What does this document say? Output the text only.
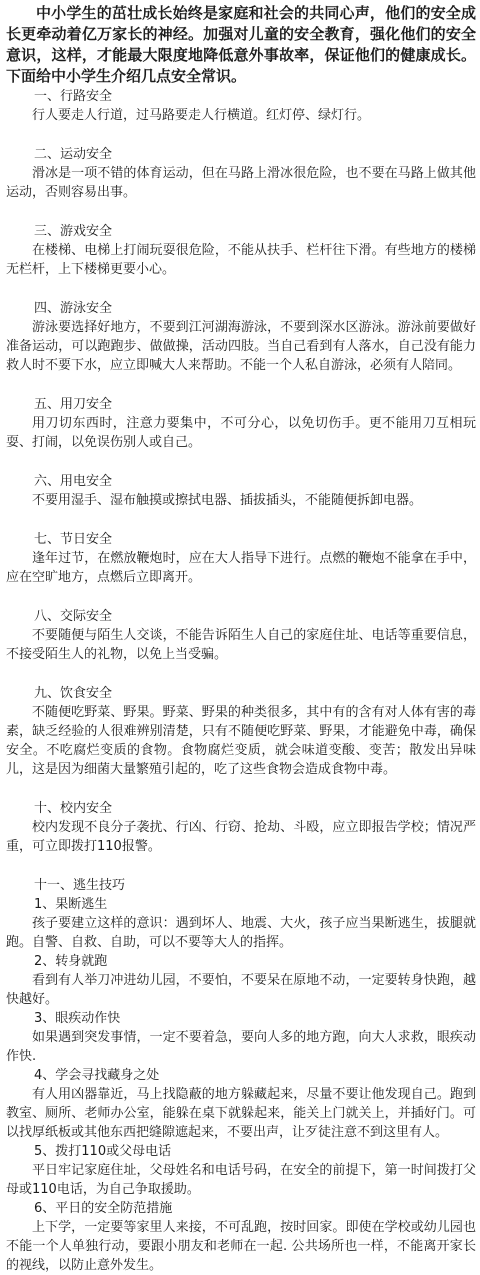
中小学生的茁壮成长始终是家庭和社会的共同心声，他们的安全成长更牵动着亿万家长的神经。加强对儿童的安全教育，强化他们的安全意识，这样，才能最大限度地降低意外事故率，保证他们的健康成长。下面给中小学生介绍几点安全常识。

一、行路安全

行人要走人行道，过马路要走人行横道。红灯停、绿灯行。

二、运动安全

滑冰是一项不错的体育运动，但在马路上滑冰很危险，也不要在马路上做其他运动，否则容易出事。

三、游戏安全

在楼梯、电梯上打闹玩耍很危险，不能从扶手、栏杆往下滑。有些地方的楼梯无栏杆，上下楼梯更要小心。

四、游泳安全

游泳要选择好地方，不要到江河湖海游泳，不要到深水区游泳。游泳前要做好准备运动，可以跑跑步、做做操，活动四肢。当自己看到有人落水，自己没有能力救人时不要下水，应立即喊大人来帮助。不能一个人私自游泳，必须有人陪同。

五、用刀安全

用刀切东西时，注意力要集中，不可分心，以免切伤手。更不能用刀互相玩耍、打闹，以免误伤别人或自己。

六、用电安全

不要用湿手、湿布触摸或擦拭电器、插拔插头，不能随便拆卸电器。

七、节日安全

逢年过节，在燃放鞭炮时，应在大人指导下进行。点燃的鞭炮不能拿在手中，应在空旷地方，点燃后立即离开。

八、交际安全

不要随便与陌生人交谈，不能告诉陌生人自己的家庭住址、电话等重要信息，不接受陌生人的礼物，以免上当受骗。

九、饮食安全

不随便吃野菜、野果。野菜、野果的种类很多，其中有的含有对人体有害的毒素，缺乏经验的人很难辨别清楚，只有不随便吃野菜、野果，才能避免中毒，确保安全。不吃腐烂变质的食物。食物腐烂变质，就会味道变酸、变苦；散发出异味儿，这是因为细菌大量繁殖引起的，吃了这些食物会造成食物中毒。

十、校内安全

校内发现不良分子袭扰、行凶、行窃、抢劫、斗殴，应立即报告学校；情况严重，可立即拨打110报警。

十一、逃生技巧

1、果断逃生

孩子要建立这样的意识：遇到坏人、地震、大火，孩子应当果断逃生，拔腿就跑。自警、自救、自助，可以不要等大人的指挥。

2、转身就跑

看到有人举刀冲进幼儿园，不要怕，不要呆在原地不动，一定要转身快跑，越快越好。

3、眼疾动作快

如果遇到突发事情，一定不要着急，要向人多的地方跑，向大人求救，眼疾动作快.

4、学会寻找藏身之处

有人用凶器靠近，马上找隐蔽的地方躲藏起来，尽量不要让他发现自己。跑到教室、厕所、老师办公室，能躲在桌下就躲起来，能关上门就关上，并插好门。可以找厚纸板或其他东西把缝隙遮起来，不要出声，让歹徒注意不到这里有人。

5、拨打110或父母电话

平日牢记家庭住址，父母姓名和电话号码，在安全的前提下，第一时间拨打父母或110电话，为自己争取援助。

6、平日的安全防范措施

上下学，一定要等家里人来接，不可乱跑，按时回家。即使在学校或幼儿园也不能一个人单独行动，要跟小朋友和老师在一起. 公共场所也一样，不能离开家长的视线，以防止意外发生。
